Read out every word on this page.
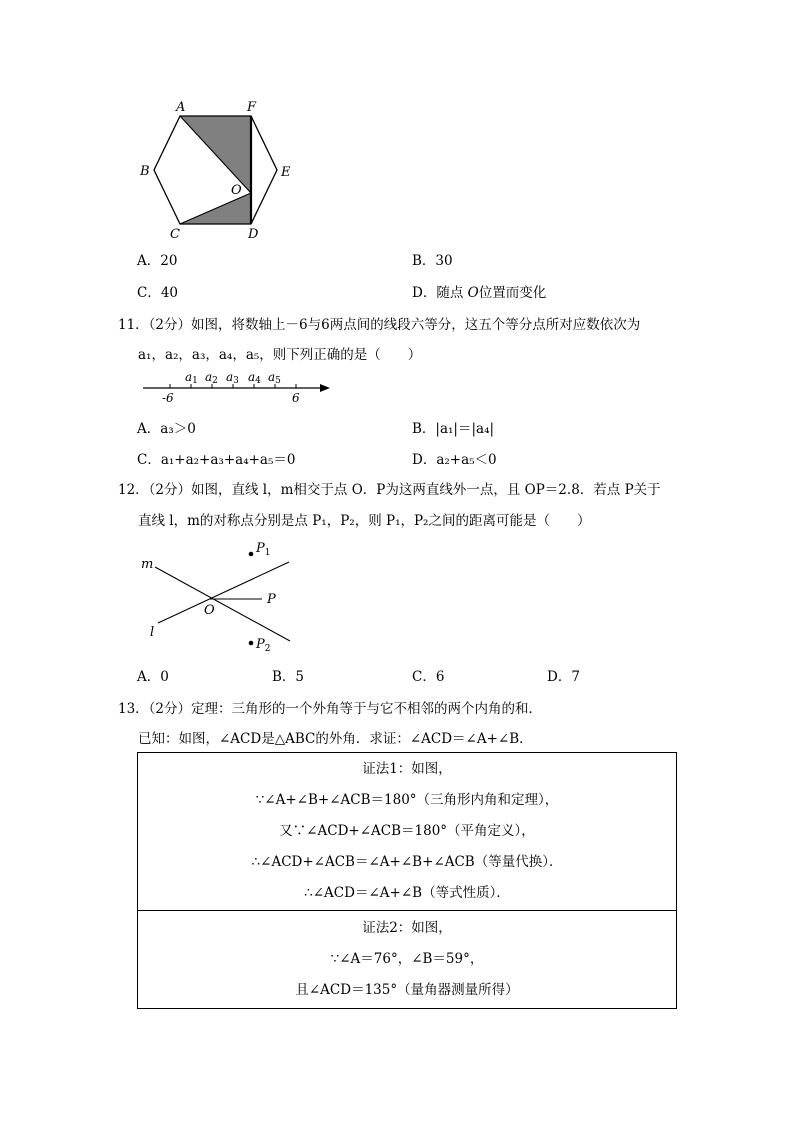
A	F
B
O
E
C	D
A．20	B．30
C．40	D．随点 O位置而变化
11．（2分）如图，将数轴上－6与6两点间的线段六等分，这五个等分点所对应数依次为
a₁，a₂，a₃，a₄，a₅，则下列正确的是（　　）
a1 a2 a3 a4 a5
-6	6
A．a₃＞0	B．|a₁|＝|a₄|
C．a₁+a₂+a₃+a₄+a₅＝0	D．a₂+a₅＜0
12．（2分）如图，直线 l，m相交于点 O．P为这两直线外一点，且 OP＝2.8．若点 P关于
直线 l，m的对称点分别是点 P₁，P₂，则 P₁，P₂之间的距离可能是（　　）
m
l
O
P
$P_1$
$P_2$
A．0	B．5	C．6	D．7
13．（2分）定理：三角形的一个外角等于与它不相邻的两个内角的和．
已知：如图，∠ACD是△ABC的外角．求证：∠ACD＝∠A+∠B．
证法1：如图，
∵∠A+∠B+∠ACB＝180°（三角形内角和定理），
又∵∠ACD+∠ACB＝180°（平角定义），
∴∠ACD+∠ACB＝∠A+∠B+∠ACB（等量代换）．
∴∠ACD＝∠A+∠B（等式性质）．

证法2：如图，
∵∠A＝76°，∠B＝59°，
且∠ACD＝135°（量角器测量所得）
